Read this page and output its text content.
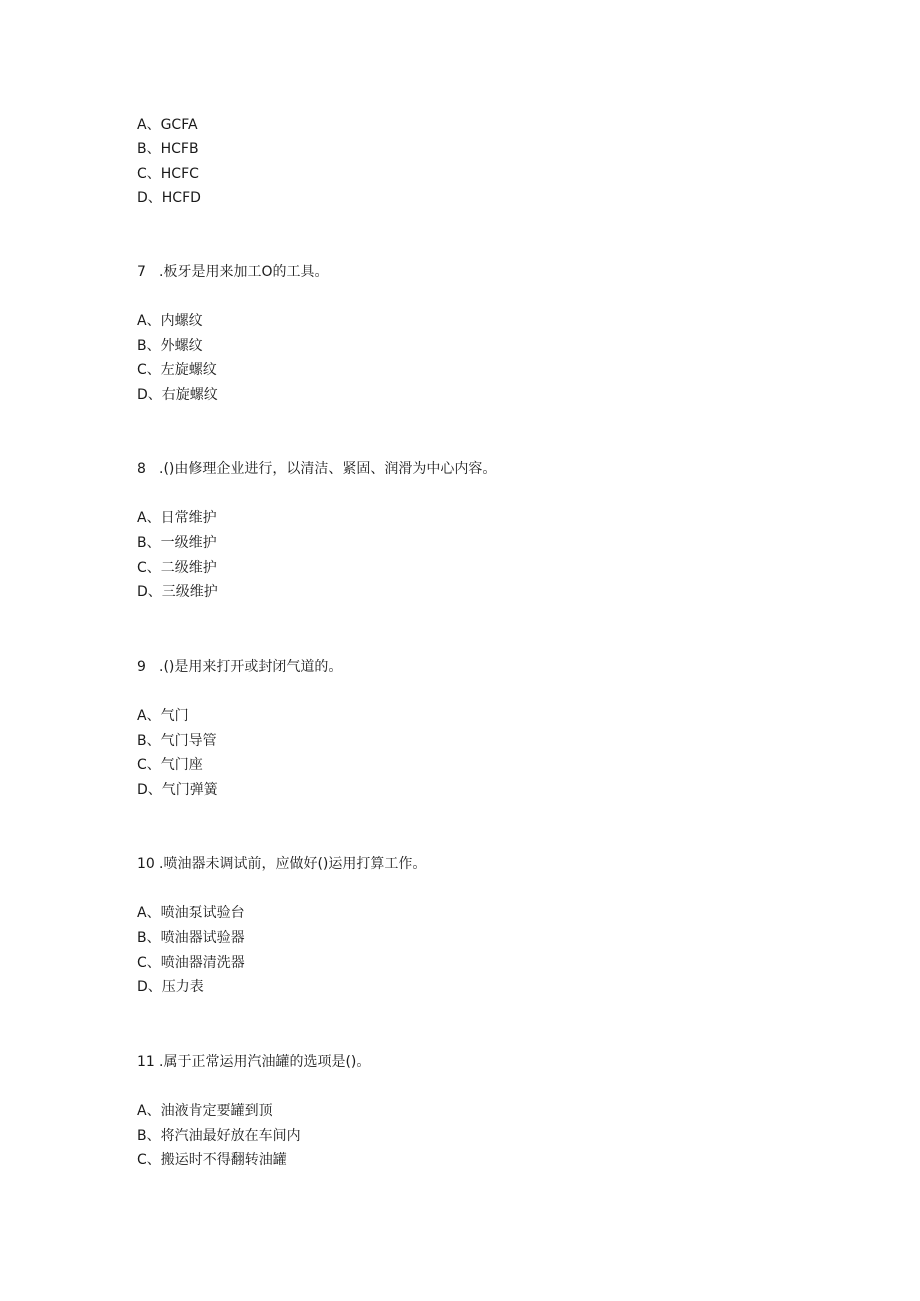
A、GCFA
B、HCFB
C、HCFC
D、HCFD
7 .板牙是用来加工O的工具。
A、内螺纹
B、外螺纹
C、左旋螺纹
D、右旋螺纹
8 .()由修理企业进行，以清洁、紧固、润滑为中心内容。
A、日常维护
B、一级维护
C、二级维护
D、三级维护
9 .()是用来打开或封闭气道的。
A、气门
B、气门导管
C、气门座
D、气门弹簧
10 .喷油器未调试前，应做好()运用打算工作。
A、喷油泵试验台
B、喷油器试验器
C、喷油器清洗器
D、压力表
11 .属于正常运用汽油罐的选项是()。
A、油液肯定要罐到顶
B、将汽油最好放在车间内
C、搬运时不得翻转油罐
